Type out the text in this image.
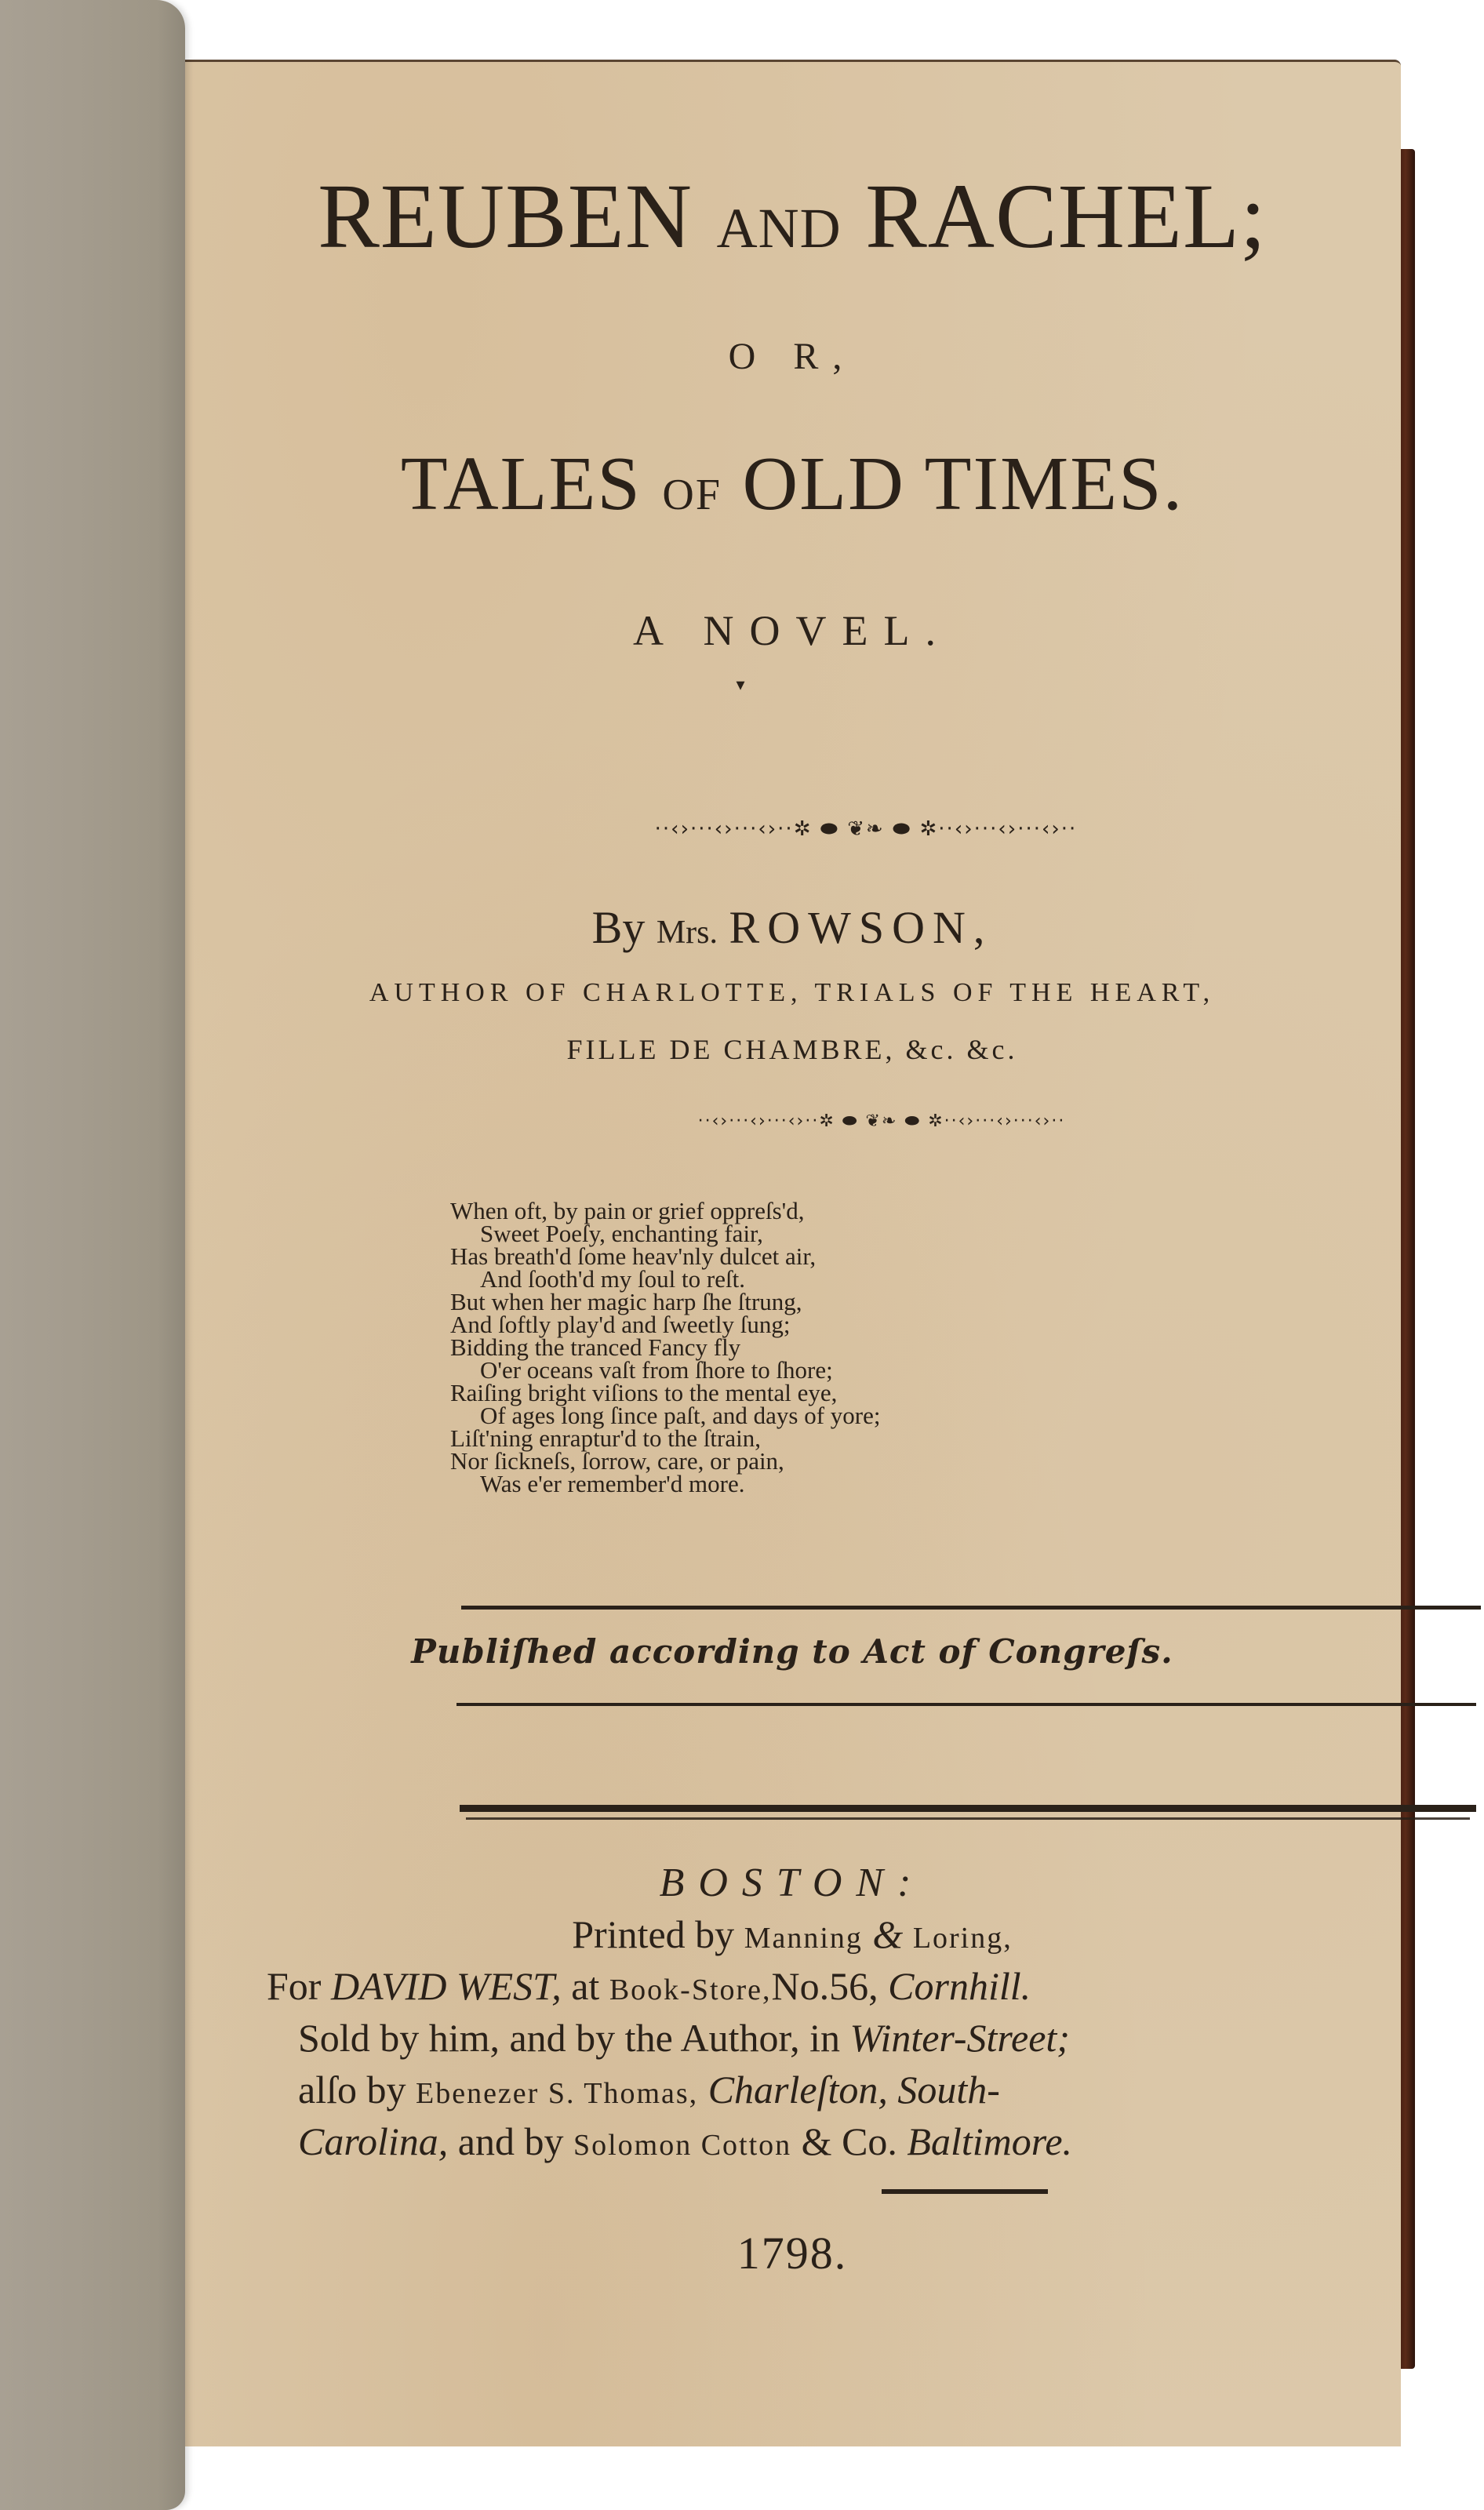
REUBEN AND RACHEL;
O R,
TALES OF OLD TIMES.
A NOVEL.
▾
··‹›···‹›···‹›··✲ ⬬ ❦❧ ⬬ ✲··‹›···‹›···‹›··
By Mrs. ROWSON,
AUTHOR OF CHARLOTTE, TRIALS OF THE HEART,
FILLE DE CHAMBRE, &c. &c.
··‹›···‹›···‹›··✲ ⬬ ❦❧ ⬬ ✲··‹›···‹›···‹›··
When oft, by pain or grief oppreſs'd,
Sweet Poeſy, enchanting fair,
Has breath'd ſome heav'nly dulcet air,
And ſooth'd my ſoul to reſt.
But when her magic harp ſhe ſtrung,
And ſoftly play'd and ſweetly ſung;
Bidding the tranced Fancy fly
O'er oceans vaſt from ſhore to ſhore;
Raiſing bright viſions to the mental eye,
Of ages long ſince paſt, and days of yore;
Liſt'ning enraptur'd to the ſtrain,
Nor ſickneſs, ſorrow, care, or pain,
Was e'er remember'd more.
Publiſhed according to Act of Congreſs.
BOSTON:
Printed by Manning & Loring,
For DAVID WEST, at Book-Store,No.56, Cornhill.
Sold by him, and by the Author, in Winter-Street;
alſo by Ebenezer S. Thomas, Charleſton, South-
Carolina, and by Solomon Cotton & Co. Baltimore.
1798.
